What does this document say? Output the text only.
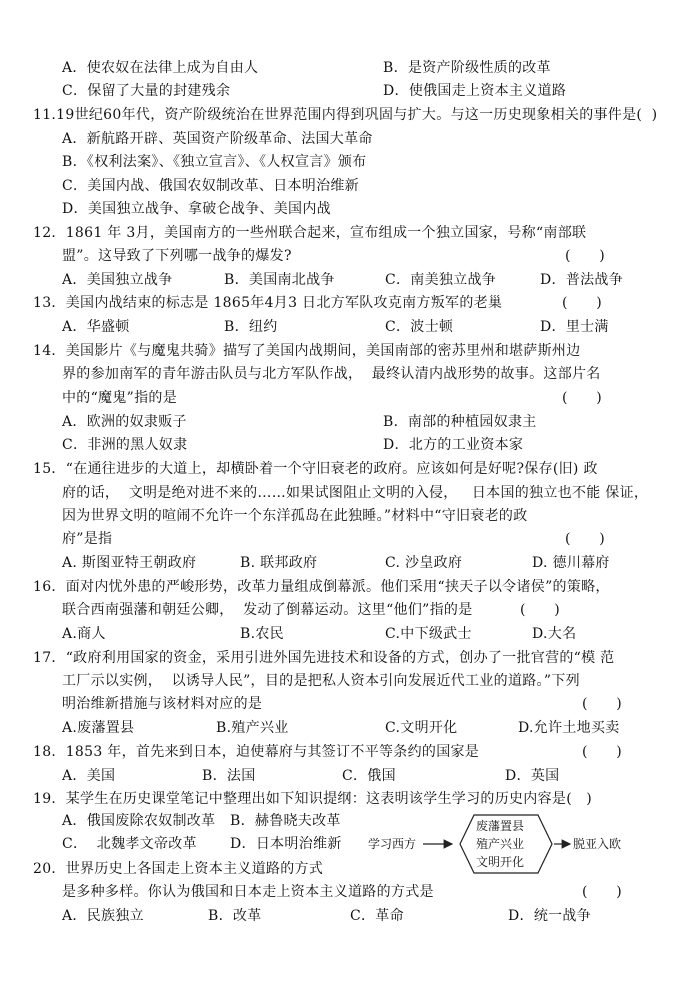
A．使农奴在法律上成为自由人	B．是资产阶级性质的改革
C．保留了大量的封建残余	D．使俄国走上资本主义道路
11.19世纪60年代，资产阶级统治在世界范围内得到巩固与扩大。与这一历史现象相关的事件是(  )
A．新航路开辟、英国资产阶级革命、法国大革命
B．《权利法案》、《独立宣言》、《人权宣言》颁布
C．美国内战、俄国农奴制改革、日本明治维新
D．美国独立战争、拿破仑战争、美国内战
12．1861 年 3月，美国南方的一些州联合起来，宣布组成一个独立国家，号称“南部联
盟”。这导致了下列哪一战争的爆发?	(      )
A．美国独立战争	B．美国南北战争	C．南美独立战争	D．普法战争
13．美国内战结束的标志是 1865年4月3 日北方军队攻克南方叛军的老巢	(      )
A．华盛顿	B．纽约	C．波士顿	D．里士满
14．美国影片《与魔鬼共骑》描写了美国内战期间，美国南部的密苏里州和堪萨斯州边
界的参加南军的青年游击队员与北方军队作战，  最终认清内战形势的故事。这部片名
中的“魔鬼”指的是	(      )
A．欧洲的奴隶贩子	B．南部的种植园奴隶主
C．非洲的黑人奴隶	D．北方的工业资本家
15．“在通往进步的大道上，却横卧着一个守旧衰老的政府。应该如何是好呢?保存(旧) 政
府的话，  文明是绝对进不来的……如果试图阻止文明的入侵，   日本国的独立也不能 保证，
因为世界文明的喧闹不允许一个东洋孤岛在此独睡。”材料中“守旧衰老的政
府”是指	(      )
A. 斯图亚特王朝政府	B. 联邦政府	C. 沙皇政府	D. 德川幕府
16．面对内忧外患的严峻形势，改革力量组成倒幕派。他们采用“挟天子以令诸侯”的策略，
联合西南强藩和朝廷公卿，  发动了倒幕运动。这里“他们”指的是	(      )
A.商人	B.农民	C.中下级武士	D.大名
17．“政府利用国家的资金，采用引进外国先进技术和设备的方式，创办了一批官营的“模 范
工厂示以实例，  以诱导人民”，目的是把私人资本引向发展近代工业的道路。”下列
明治维新措施与该材料对应的是	(      )
A.废藩置县	B.殖产兴业	C.文明开化	D.允许土地买卖
18．1853 年，首先来到日本，迫使幕府与其签订不平等条约的国家是	(      )
A．美国	B．法国	C．俄国	D．英国
19．某学生在历史课堂笔记中整理出如下知识提纲：这表明该学生学习的历史内容是(   )
A．俄国废除农奴制改革 B．赫鲁晓夫改革
C．  北魏孝文帝改革 D．日本明治维新
20．世界历史上各国走上资本主义道路的方式
是多种多样。你认为俄国和日本走上资本主义道路的方式是	(      )
A．民族独立	B．改革	C．革命	D．统一战争
学习西方
废藩置县
殖产兴业
文明开化
脱亚入欧
